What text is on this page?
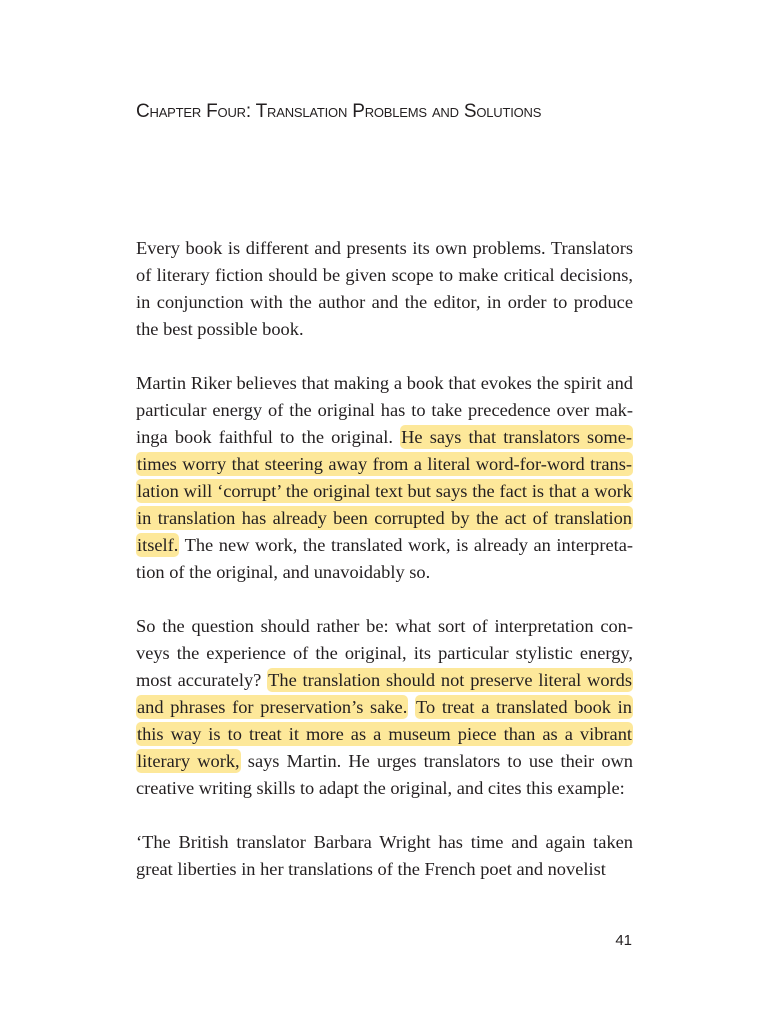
Chapter Four: Translation Problems and Solutions

Every book is different and presents its own problems. Translators of literary fiction should be given scope to make critical decisions, in conjunction with the author and the editor, in order to produce the best possible book.

Martin Riker believes that making a book that evokes the spirit and particular energy of the original has to take precedence over makinga book faithful to the original. He says that translators sometimes worry that steering away from a literal word-for-word translation will ‘corrupt’ the original text but says the fact is that a work in translation has already been corrupted by the act of translation itself. The new work, the translated work, is already an interpretation of the original, and unavoidably so.

So the question should rather be: what sort of interpretation conveys the experience of the original, its particular stylistic energy, most accurately? The translation should not preserve literal words and phrases for preservation’s sake. To treat a translated book in this way is to treat it more as a museum piece than as a vibrant literary work, says Martin. He urges translators to use their own creative writing skills to adapt the original, and cites this example:

‘The British translator Barbara Wright has time and again taken great liberties in her translations of the French poet and novelist

41
